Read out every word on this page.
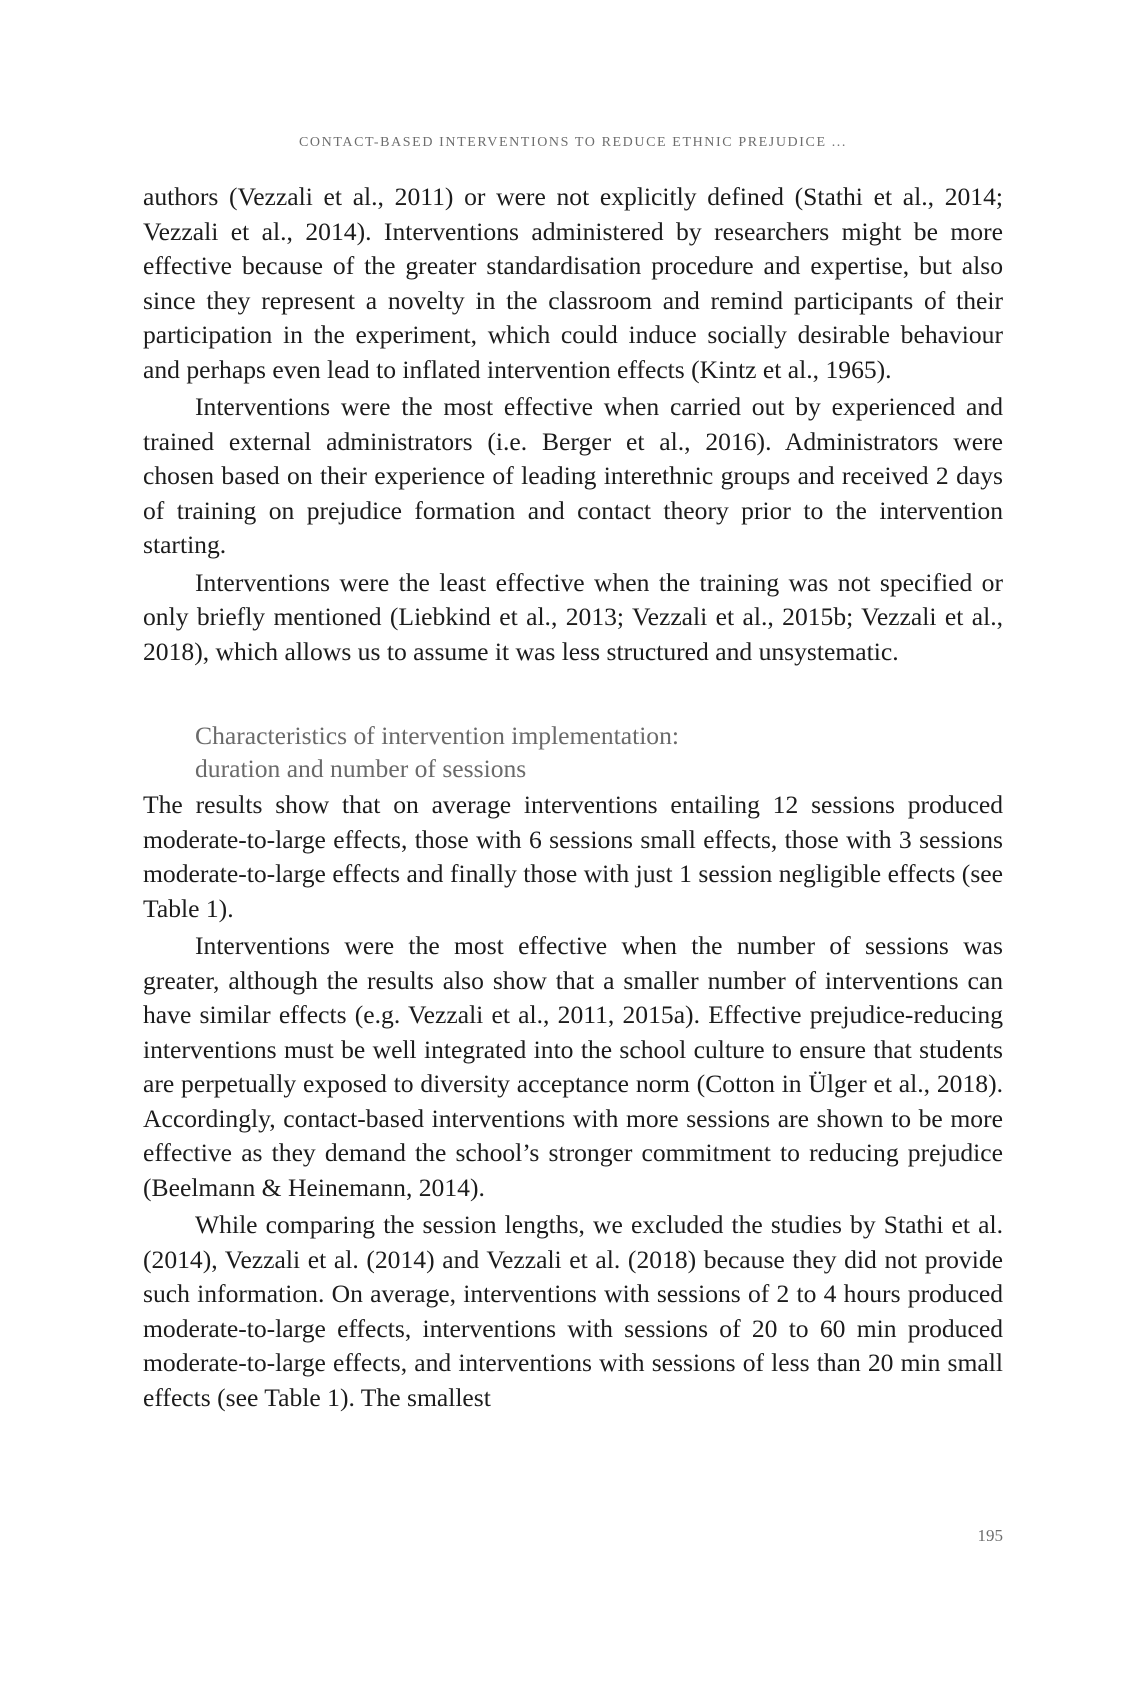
CONTACT-BASED INTERVENTIONS TO REDUCE ETHNIC PREJUDICE ...

authors (Vezzali et al., 2011) or were not explicitly defined (Stathi et al., 2014; Vezzali et al., 2014). Interventions administered by researchers might be more effective because of the greater standardisation procedure and expertise, but also since they represent a novelty in the classroom and remind participants of their participation in the experiment, which could induce socially desirable behaviour and perhaps even lead to inflated intervention effects (Kintz et al., 1965).

Interventions were the most effective when carried out by experienced and trained external administrators (i.e. Berger et al., 2016). Administrators were chosen based on their experience of leading interethnic groups and received 2 days of training on prejudice formation and contact theory prior to the intervention starting.

Interventions were the least effective when the training was not specified or only briefly mentioned (Liebkind et al., 2013; Vezzali et al., 2015b; Vezzali et al., 2018), which allows us to assume it was less structured and unsystematic.

Characteristics of intervention implementation:
duration and number of sessions

The results show that on average interventions entailing 12 sessions produced moderate-to-large effects, those with 6 sessions small effects, those with 3 sessions moderate-to-large effects and finally those with just 1 session negligible effects (see Table 1).

Interventions were the most effective when the number of sessions was greater, although the results also show that a smaller number of interventions can have similar effects (e.g. Vezzali et al., 2011, 2015a). Effective prejudice-reducing interventions must be well integrated into the school culture to ensure that students are perpetually exposed to diversity acceptance norm (Cotton in Ülger et al., 2018). Accordingly, contact-based interventions with more sessions are shown to be more effective as they demand the school’s stronger commitment to reducing prejudice (Beelmann & Heinemann, 2014).

While comparing the session lengths, we excluded the studies by Stathi et al. (2014), Vezzali et al. (2014) and Vezzali et al. (2018) because they did not provide such information. On average, interventions with sessions of 2 to 4 hours produced moderate-to-large effects, interventions with sessions of 20 to 60 min produced moderate-to-large effects, and interventions with sessions of less than 20 min small effects (see Table 1). The smallest

195
